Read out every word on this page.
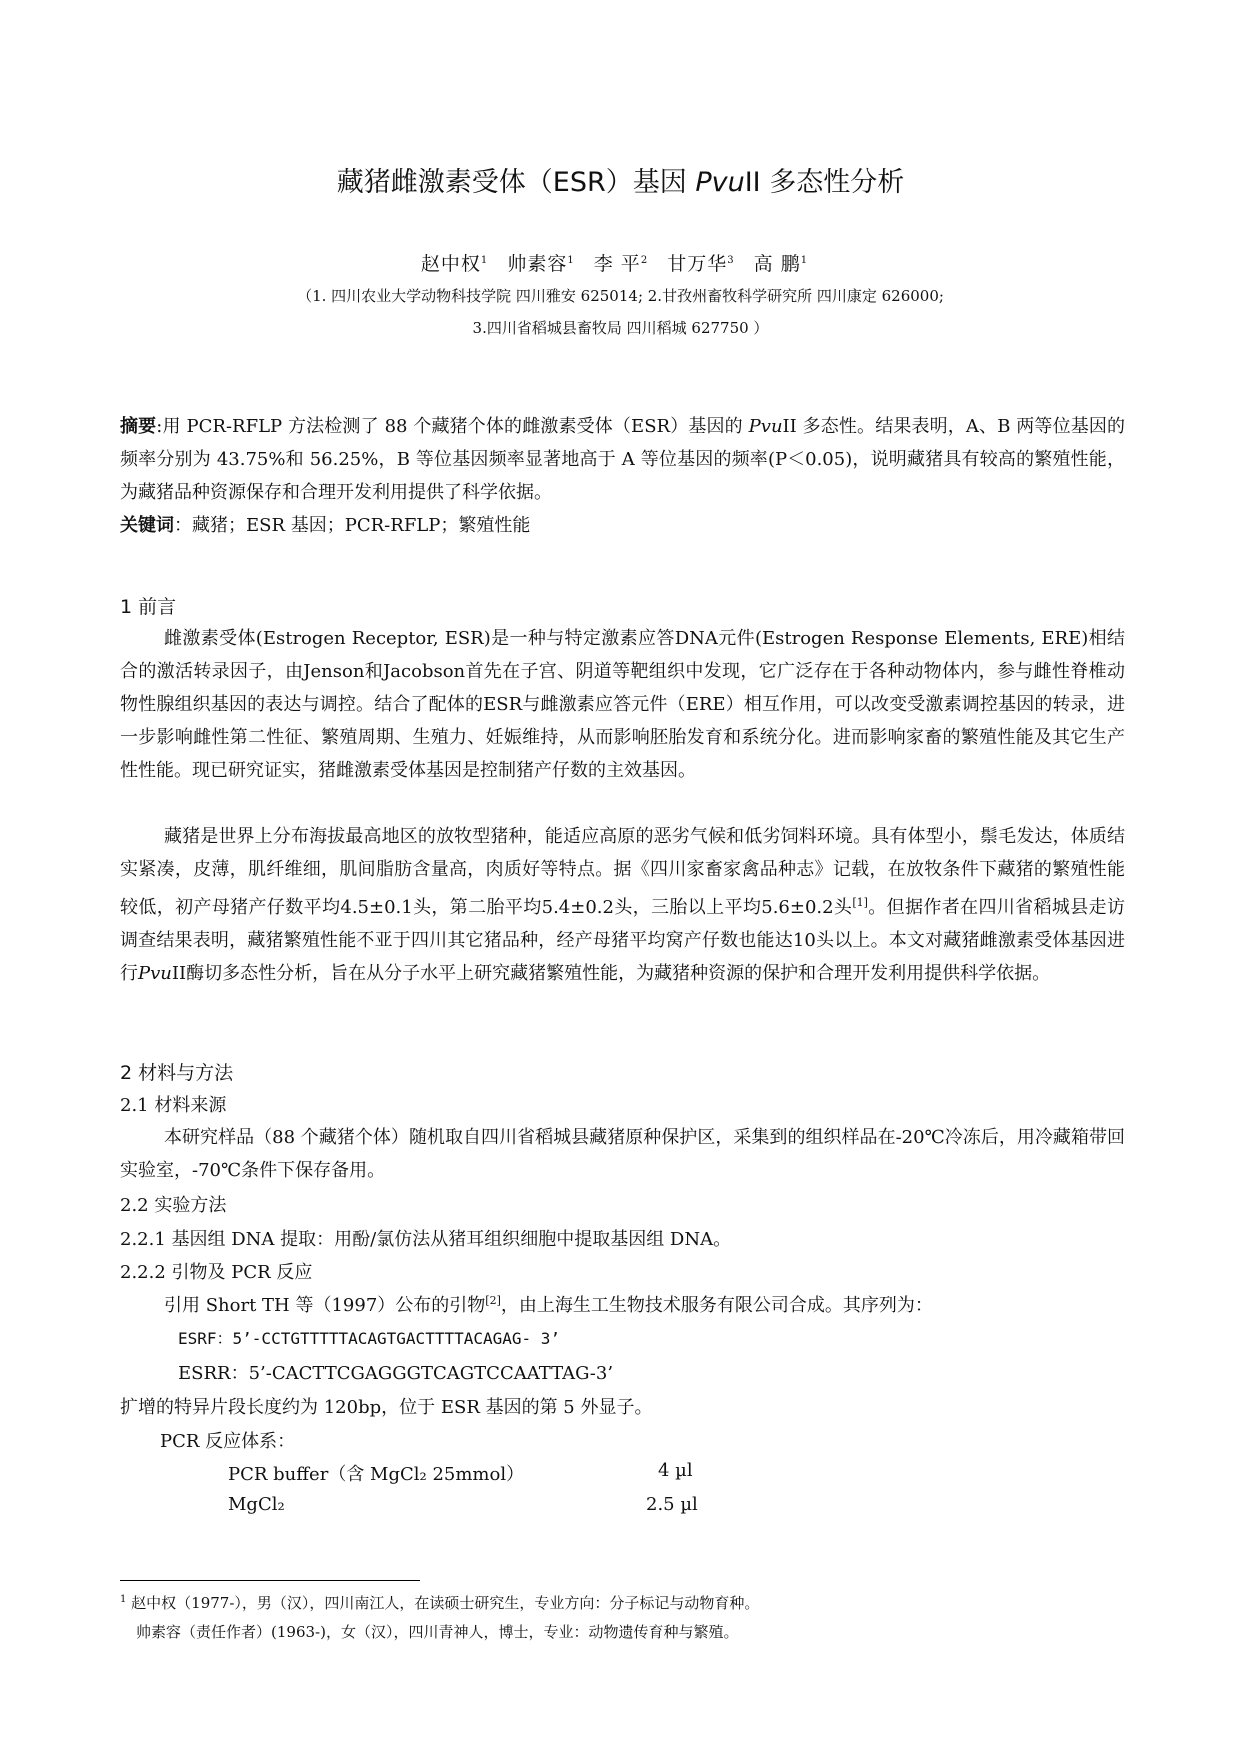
藏猪雌激素受体（ESR）基因 PvuII 多态性分析
赵中权$^1$ 帅素容$^1$ 李 平$^2$ 甘万华$^3$ 高 鹏$^1$
（1. 四川农业大学动物科技学院 四川雅安 625014; 2.甘孜州畜牧科学研究所 四川康定 626000;
3.四川省稻城县畜牧局 四川稻城 627750 ）
摘要:用 PCR-RFLP 方法检测了 88 个藏猪个体的雌激素受体（ESR）基因的 PvuII 多态性。结果表明，A、B 两等位基因的频率分别为 43.75%和 56.25%，B 等位基因频率显著地高于 A 等位基因的频率(P＜0.05)，说明藏猪具有较高的繁殖性能，为藏猪品种资源保存和合理开发利用提供了科学依据。
关键词：藏猪；ESR 基因；PCR-RFLP；繁殖性能
1 前言
雌激素受体(Estrogen Receptor, ESR)是一种与特定激素应答DNA元件(Estrogen Response Elements, ERE)相结合的激活转录因子，由Jenson和Jacobson首先在子宫、阴道等靶组织中发现，它广泛存在于各种动物体内，参与雌性脊椎动物性腺组织基因的表达与调控。结合了配体的ESR与雌激素应答元件（ERE）相互作用，可以改变受激素调控基因的转录，进一步影响雌性第二性征、繁殖周期、生殖力、妊娠维持，从而影响胚胎发育和系统分化。进而影响家畜的繁殖性能及其它生产性性能。现已研究证实，猪雌激素受体基因是控制猪产仔数的主效基因。
藏猪是世界上分布海拔最高地区的放牧型猪种，能适应高原的恶劣气候和低劣饲料环境。具有体型小，鬃毛发达，体质结实紧凑，皮薄，肌纤维细，肌间脂肪含量高，肉质好等特点。据《四川家畜家禽品种志》记载，在放牧条件下藏猪的繁殖性能较低，初产母猪产仔数平均4.5±0.1头，第二胎平均5.4±0.2头，三胎以上平均5.6±0.2头[1]。但据作者在四川省稻城县走访调查结果表明，藏猪繁殖性能不亚于四川其它猪品种，经产母猪平均窝产仔数也能达10头以上。本文对藏猪雌激素受体基因进行PvuII酶切多态性分析，旨在从分子水平上研究藏猪繁殖性能，为藏猪种资源的保护和合理开发利用提供科学依据。
2 材料与方法
2.1 材料来源
本研究样品（88 个藏猪个体）随机取自四川省稻城县藏猪原种保护区，采集到的组织样品在-20℃冷冻后，用冷藏箱带回实验室，-70℃条件下保存备用。
2.2 实验方法
2.2.1 基因组 DNA 提取：用酚/氯仿法从猪耳组织细胞中提取基因组 DNA。
2.2.2 引物及 PCR 反应
引用 Short TH 等（1997）公布的引物[2]，由上海生工生物技术服务有限公司合成。其序列为：
ESRF：5’-CCTGTTTTTACAGTGACTTTTACAGAG- 3’
ESRR：5’-CACTTCGAGGGTCAGTCCAATTAG-3’
扩增的特异片段长度约为 120bp，位于 ESR 基因的第 5 外显子。
PCR 反应体系：
PCR buffer（含 MgCl₂ 25mmol）	4 µl
MgCl₂	2.5 µl
$^1$ 赵中权（1977-），男（汉），四川南江人，在读硕士研究生，专业方向：分子标记与动物育种。
帅素容（责任作者）(1963-)，女（汉），四川青神人，博士，专业：动物遗传育种与繁殖。
